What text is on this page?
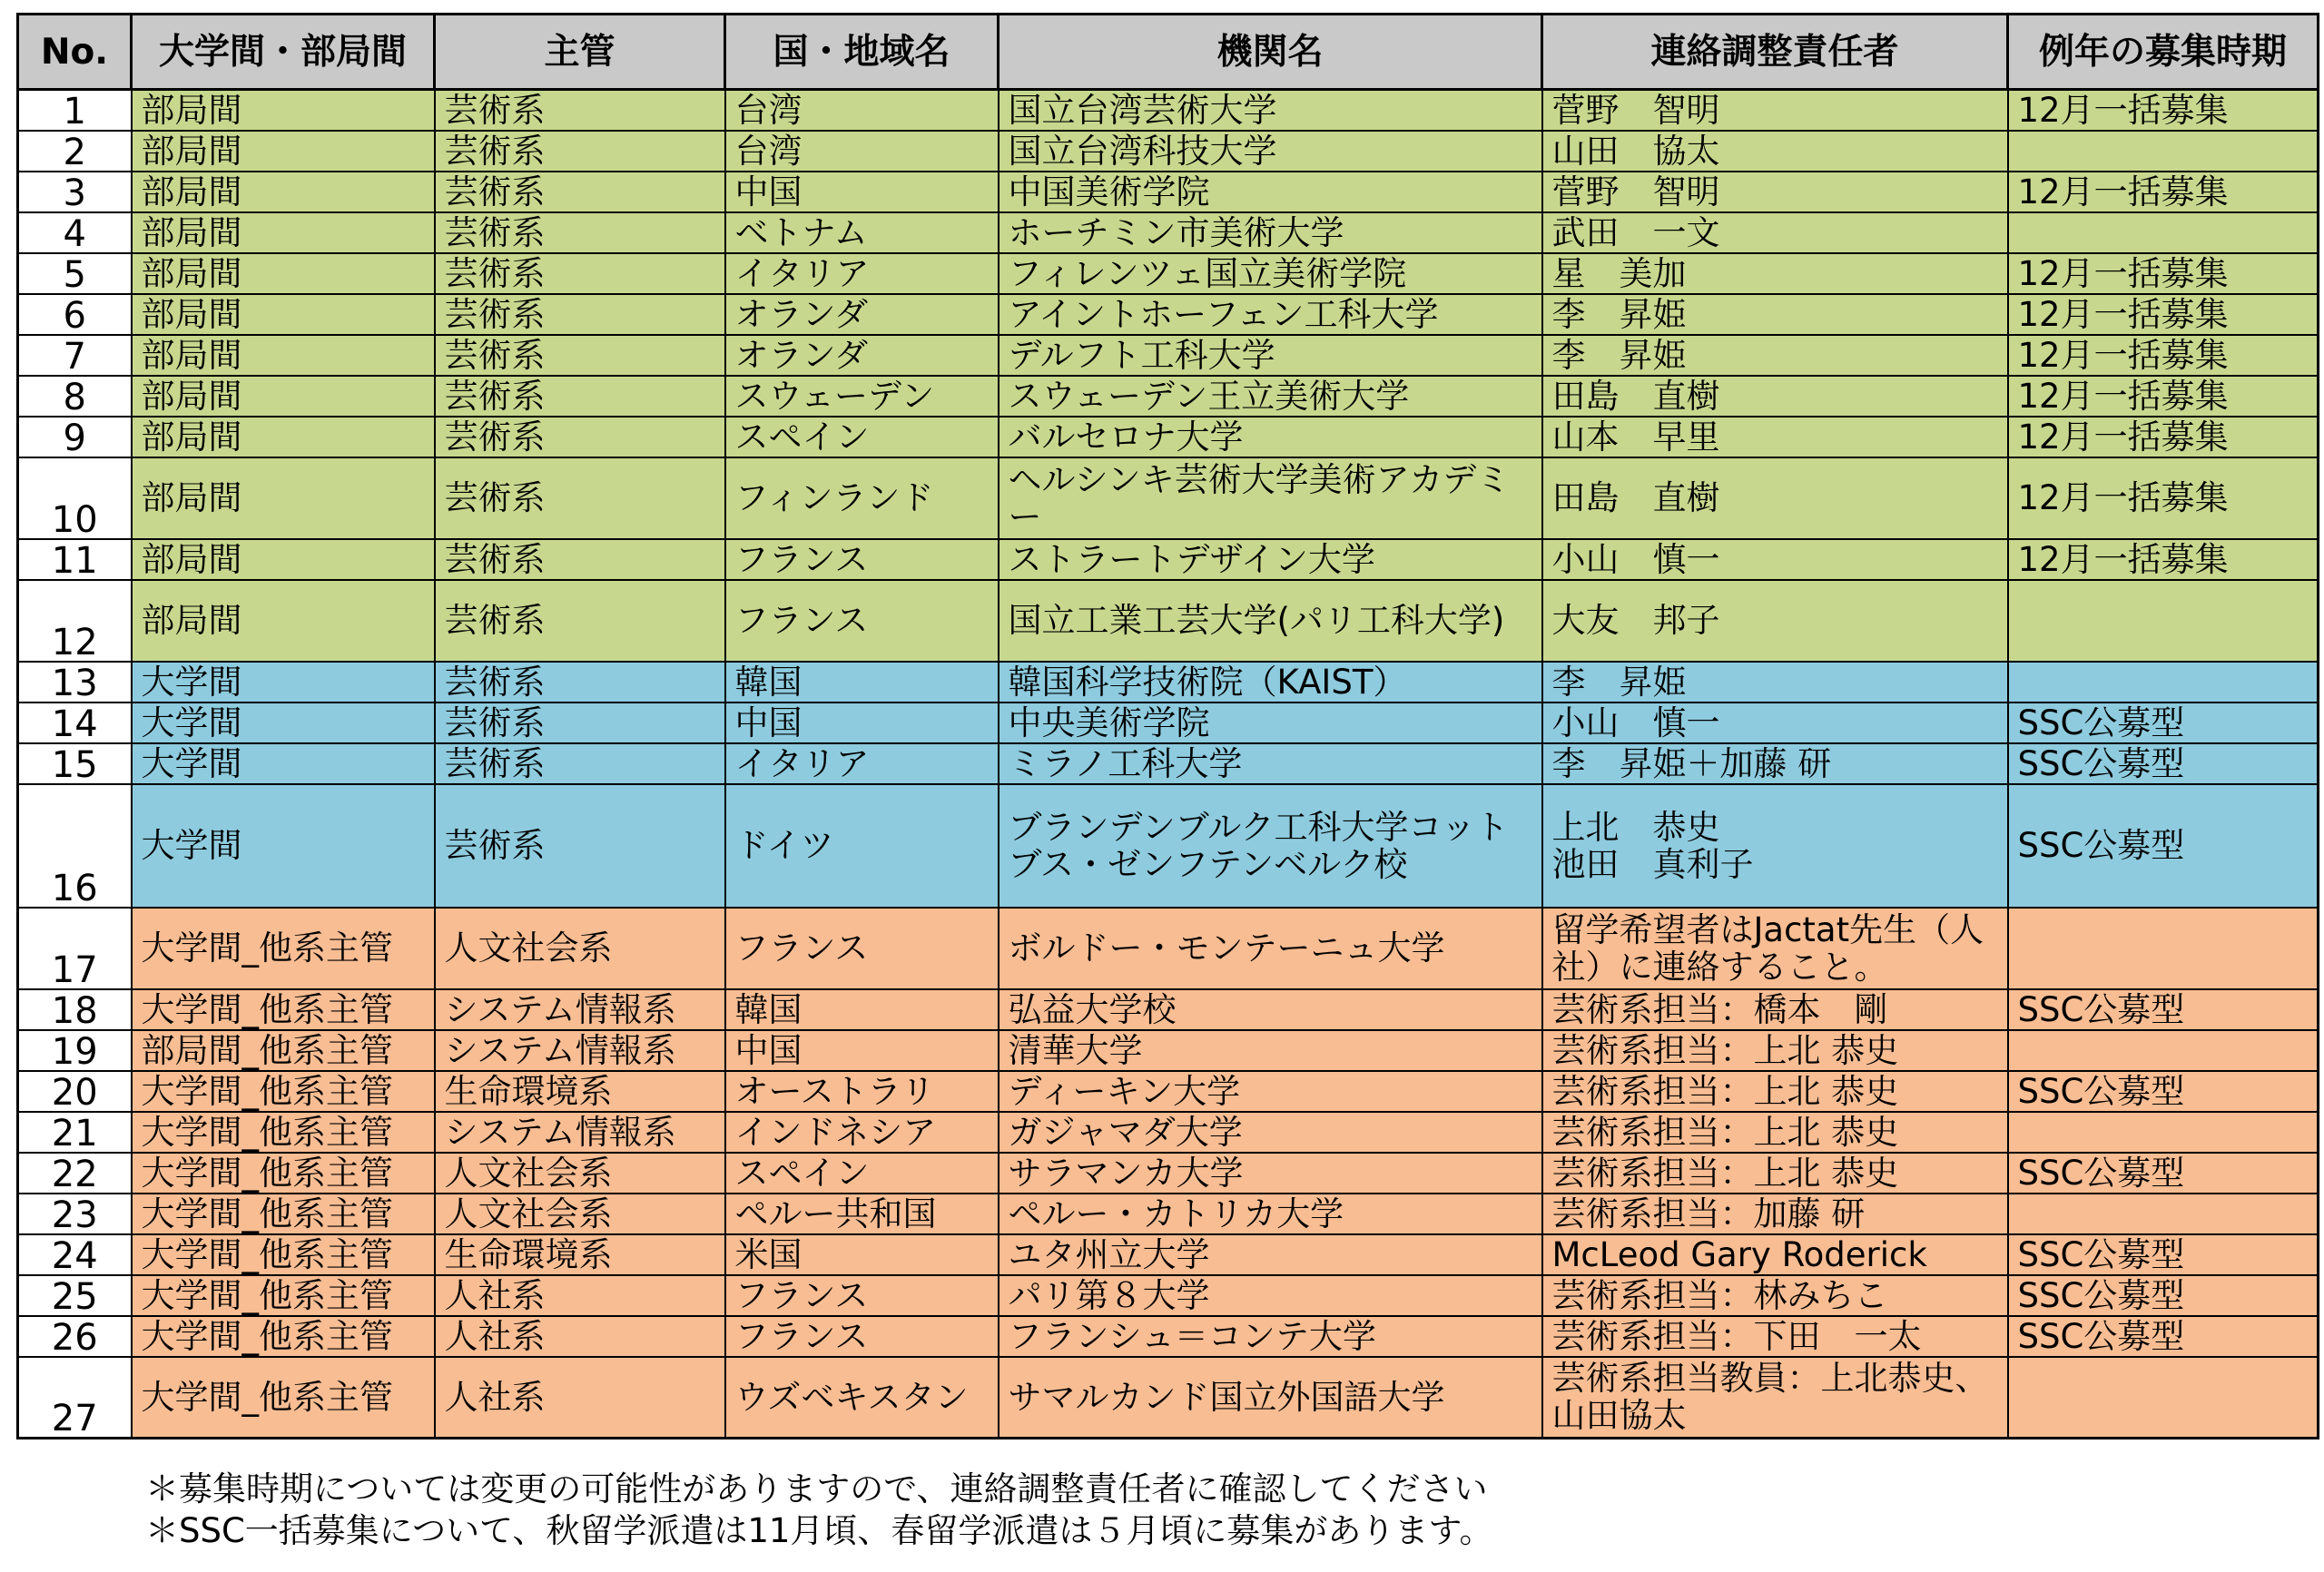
No.	大学間・部局間	主管	国・地域名	機関名	連絡調整責任者	例年の募集時期
1	部局間	芸術系	台湾	国立台湾芸術大学	菅野　智明	12月一括募集
2	部局間	芸術系	台湾	国立台湾科技大学	山田　協太	
3	部局間	芸術系	中国	中国美術学院	菅野　智明	12月一括募集
4	部局間	芸術系	ベトナム	ホーチミン市美術大学	武田　一文	
5	部局間	芸術系	イタリア	フィレンツェ国立美術学院	星　美加	12月一括募集
6	部局間	芸術系	オランダ	アイントホーフェン工科大学	李　昇姫	12月一括募集
7	部局間	芸術系	オランダ	デルフト工科大学	李　昇姫	12月一括募集
8	部局間	芸術系	スウェーデン	スウェーデン王立美術大学	田島　直樹	12月一括募集
9	部局間	芸術系	スペイン	バルセロナ大学	山本　早里	12月一括募集
10	部局間	芸術系	フィンランド	ヘルシンキ芸術大学美術アカデミー	田島　直樹	12月一括募集
11	部局間	芸術系	フランス	ストラートデザイン大学	小山　慎一	12月一括募集
12	部局間	芸術系	フランス	国立工業工芸大学(パリ工科大学)	大友　邦子	
13	大学間	芸術系	韓国	韓国科学技術院（KAIST）	李　昇姫	
14	大学間	芸術系	中国	中央美術学院	小山　慎一	SSC公募型
15	大学間	芸術系	イタリア	ミラノ工科大学	李　昇姫＋加藤 研	SSC公募型
16	大学間	芸術系	ドイツ	ブランデンブルク工科大学コットブス・ゼンフテンベルク校	上北　恭史
池田　真利子	SSC公募型
17	大学間_他系主管	人文社会系	フランス	ボルドー・モンテーニュ大学	留学希望者はJactat先生（人社）に連絡すること。	
18	大学間_他系主管	システム情報系	韓国	弘益大学校	芸術系担当：橋本　剛	SSC公募型
19	部局間_他系主管	システム情報系	中国	清華大学	芸術系担当：上北 恭史	
20	大学間_他系主管	生命環境系	オーストラリ	ディーキン大学	芸術系担当：上北 恭史	SSC公募型
21	大学間_他系主管	システム情報系	インドネシア	ガジャマダ大学	芸術系担当：上北 恭史	
22	大学間_他系主管	人文社会系	スペイン	サラマンカ大学	芸術系担当：上北 恭史	SSC公募型
23	大学間_他系主管	人文社会系	ペルー共和国	ペルー・カトリカ大学	芸術系担当：加藤 研	
24	大学間_他系主管	生命環境系	米国	ユタ州立大学	McLeod Gary Roderick	SSC公募型
25	大学間_他系主管	人社系	フランス	パリ第８大学	芸術系担当：林みちこ	SSC公募型
26	大学間_他系主管	人社系	フランス	フランシュ＝コンテ大学	芸術系担当：下田　一太	SSC公募型
27	大学間_他系主管	人社系	ウズベキスタン	サマルカンド国立外国語大学	芸術系担当教員：上北恭史、山田協太	
＊募集時期については変更の可能性がありますので、連絡調整責任者に確認してください
＊SSC一括募集について、秋留学派遣は11月頃、春留学派遣は５月頃に募集があります。
